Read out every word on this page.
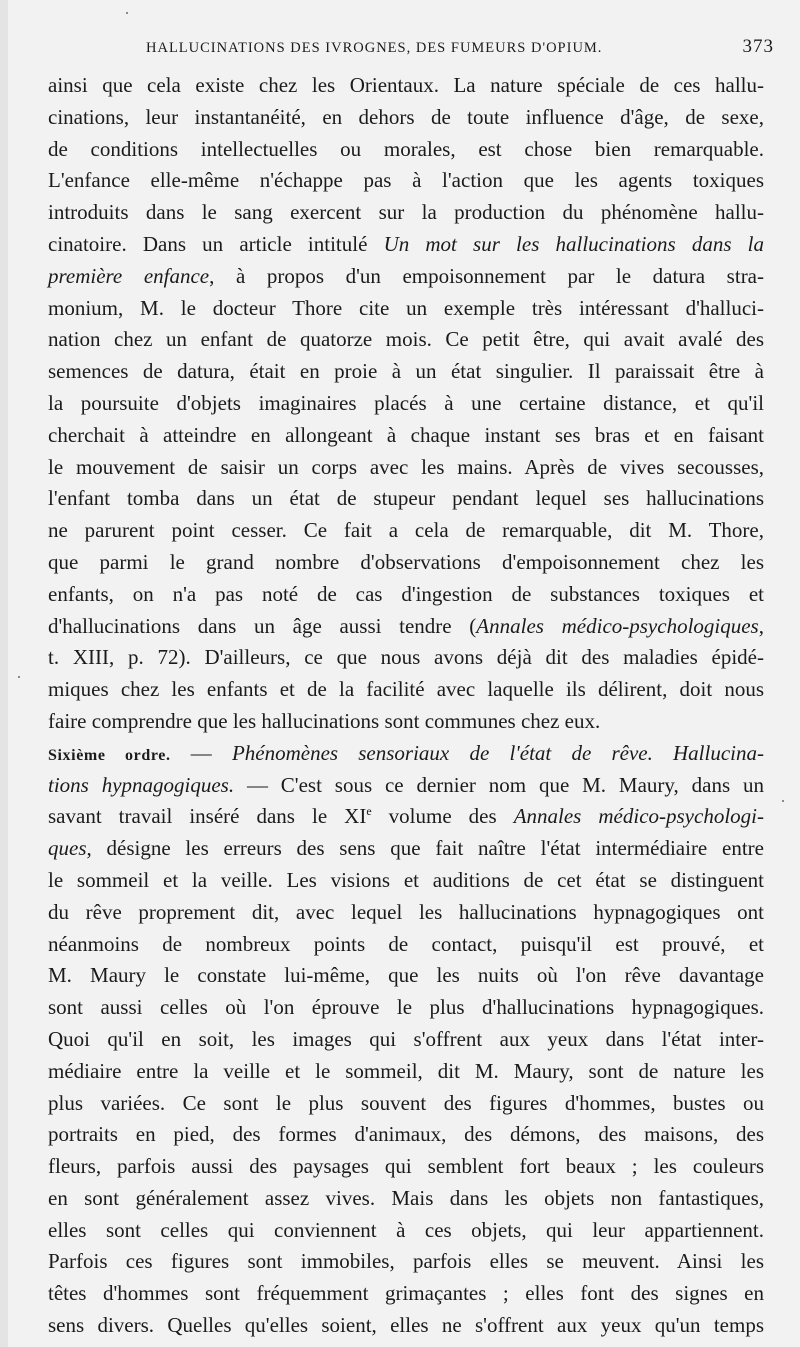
HALLUCINATIONS DES IVROGNES, DES FUMEURS D'OPIUM.	373
ainsi que cela existe chez les Orientaux. La nature spéciale de ces hallu-
cinations, leur instantanéité, en dehors de toute influence d'âge, de sexe,
de conditions intellectuelles ou morales, est chose bien remarquable.
L'enfance elle-même n'échappe pas à l'action que les agents toxiques
introduits dans le sang exercent sur la production du phénomène hallu-
cinatoire. Dans un article intitulé Un mot sur les hallucinations dans la
première enfance, à propos d'un empoisonnement par le datura stra-
monium, M. le docteur Thore cite un exemple très intéressant d'halluci-
nation chez un enfant de quatorze mois. Ce petit être, qui avait avalé des
semences de datura, était en proie à un état singulier. Il paraissait être à
la poursuite d'objets imaginaires placés à une certaine distance, et qu'il
cherchait à atteindre en allongeant à chaque instant ses bras et en faisant
le mouvement de saisir un corps avec les mains. Après de vives secousses,
l'enfant tomba dans un état de stupeur pendant lequel ses hallucinations
ne parurent point cesser. Ce fait a cela de remarquable, dit M. Thore,
que parmi le grand nombre d'observations d'empoisonnement chez les
enfants, on n'a pas noté de cas d'ingestion de substances toxiques et
d'hallucinations dans un âge aussi tendre (Annales médico-psychologiques,
t. XIII, p. 72). D'ailleurs, ce que nous avons déjà dit des maladies épidé-
miques chez les enfants et de la facilité avec laquelle ils délirent, doit nous
faire comprendre que les hallucinations sont communes chez eux.
Sixième ordre. — Phénomènes sensoriaux de l'état de rêve. Hallucina-
tions hypnagogiques. — C'est sous ce dernier nom que M. Maury, dans un
savant travail inséré dans le XIe volume des Annales médico-psychologi-
ques, désigne les erreurs des sens que fait naître l'état intermédiaire entre
le sommeil et la veille. Les visions et auditions de cet état se distinguent
du rêve proprement dit, avec lequel les hallucinations hypnagogiques ont
néanmoins de nombreux points de contact, puisqu'il est prouvé, et
M. Maury le constate lui-même, que les nuits où l'on rêve davantage
sont aussi celles où l'on éprouve le plus d'hallucinations hypnagogiques.
Quoi qu'il en soit, les images qui s'offrent aux yeux dans l'état inter-
médiaire entre la veille et le sommeil, dit M. Maury, sont de nature les
plus variées. Ce sont le plus souvent des figures d'hommes, bustes ou
portraits en pied, des formes d'animaux, des démons, des maisons, des
fleurs, parfois aussi des paysages qui semblent fort beaux ; les couleurs
en sont généralement assez vives. Mais dans les objets non fantastiques,
elles sont celles qui conviennent à ces objets, qui leur appartiennent.
Parfois ces figures sont immobiles, parfois elles se meuvent. Ainsi les
têtes d'hommes sont fréquemment grimaçantes ; elles font des signes en
sens divers. Quelles qu'elles soient, elles ne s'offrent aux yeux qu'un temps
